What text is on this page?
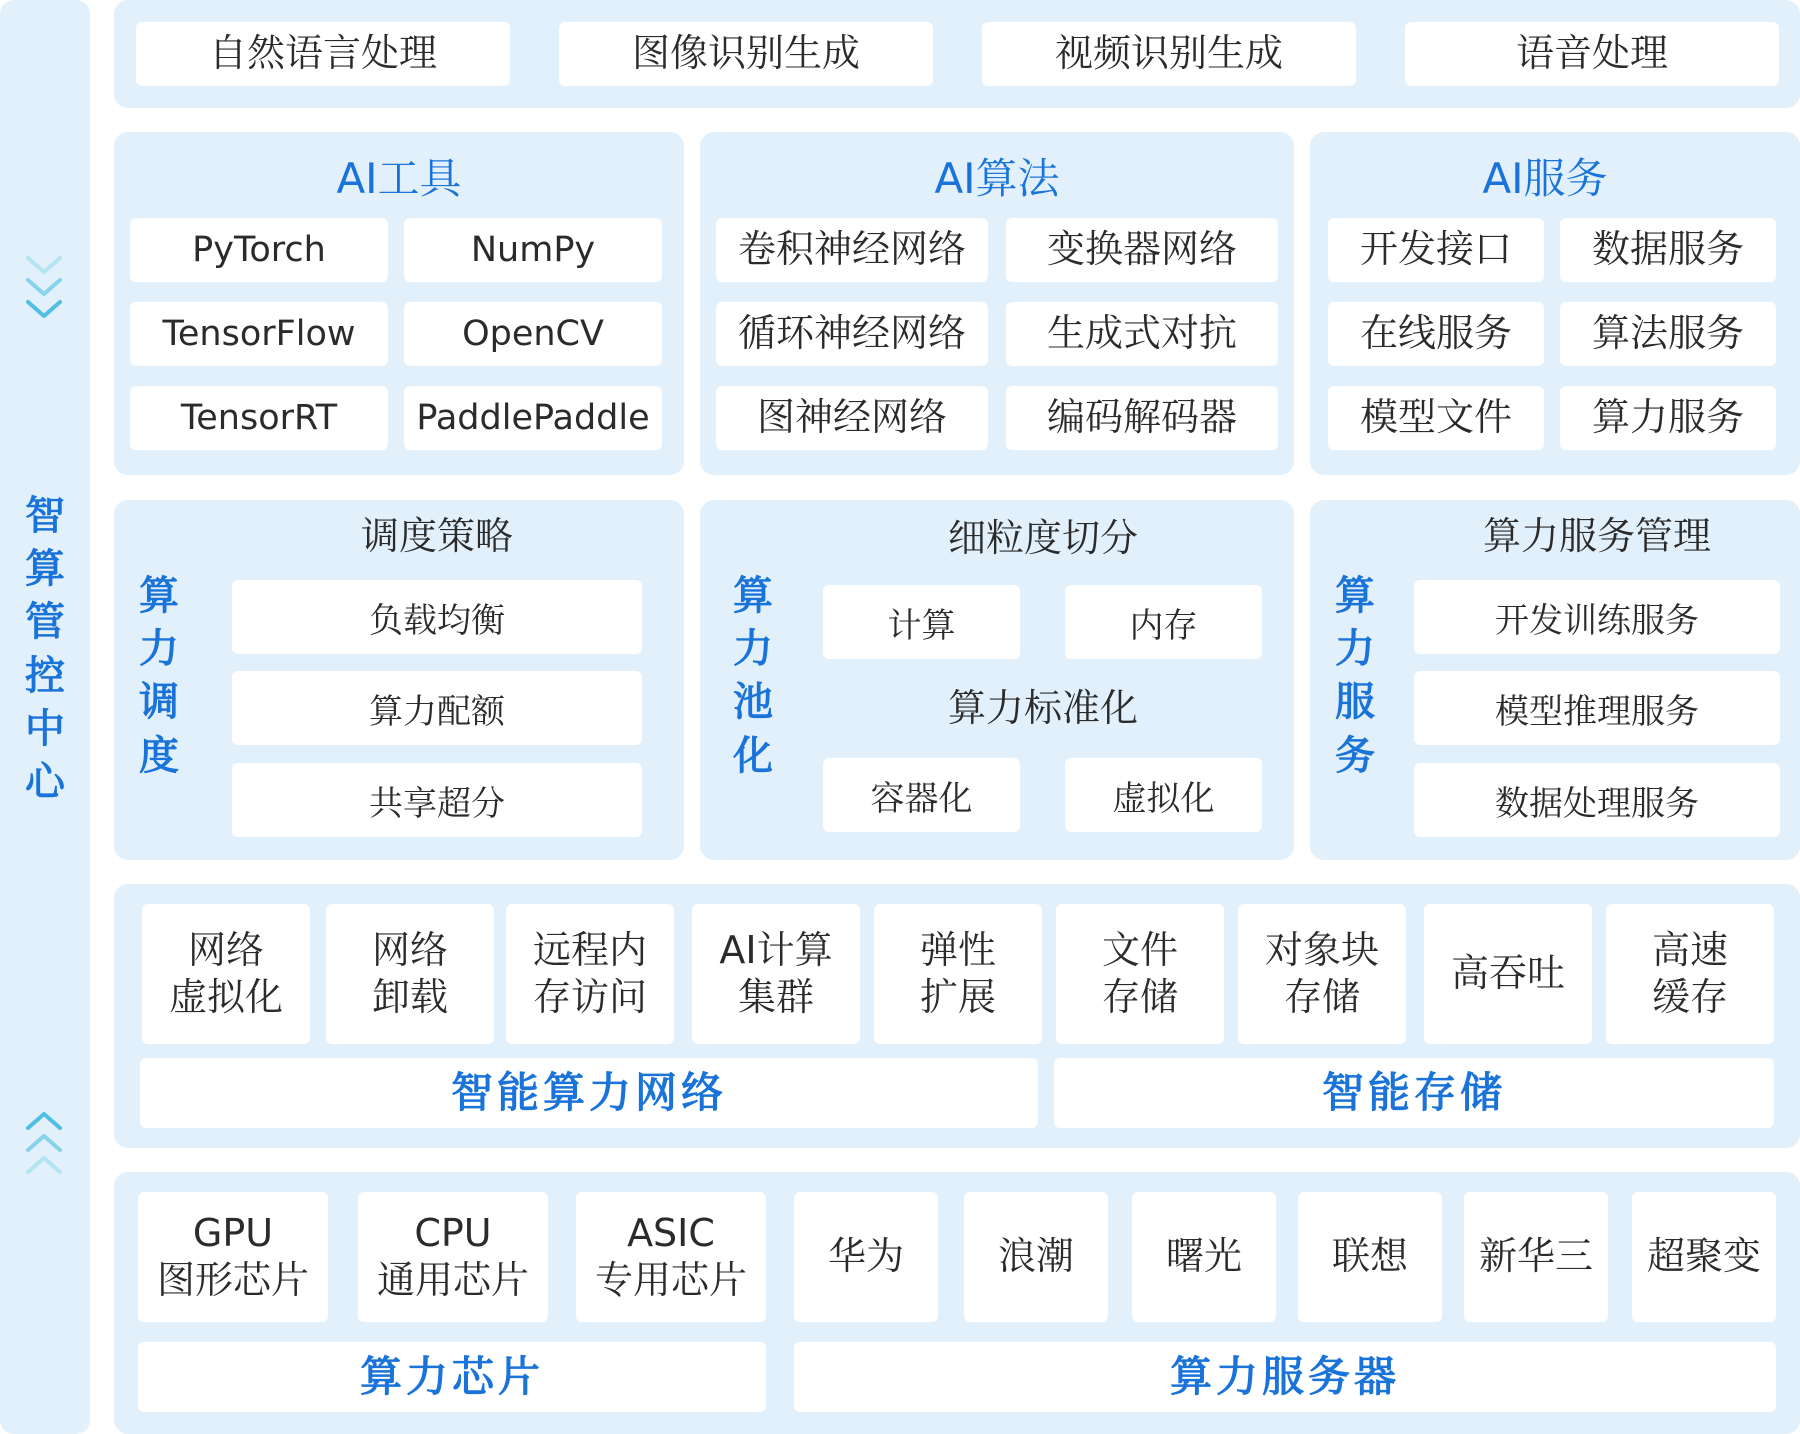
智
算
管
控
中
心
自然语言处理	图像识别生成	视频识别生成	语音处理
AI工具
PyTorch	NumPy
TensorFlow	OpenCV
TensorRT	PaddlePaddle
AI算法
卷积神经网络	变换器网络
循环神经网络	生成式对抗
图神经网络	编码解码器
AI服务
开发接口	数据服务
在线服务	算法服务
模型文件	算力服务
算
力
调
度
调度策略
负载均衡
算力配额
共享超分
算
力
池
化
细粒度切分
计算	内存
算力标准化
容器化	虚拟化
算
力
服
务
算力服务管理
开发训练服务
模型推理服务
数据处理服务
网络
虚拟化
网络
卸载
远程内
存访问
AI计算
集群
弹性
扩展
文件
存储
对象块
存储
高吞吐
高速
缓存
智能算力网络	智能存储
GPU
图形芯片
CPU
通用芯片
ASIC
专用芯片
华为	浪潮	曙光	联想	新华三	超聚变
算力芯片	算力服务器
